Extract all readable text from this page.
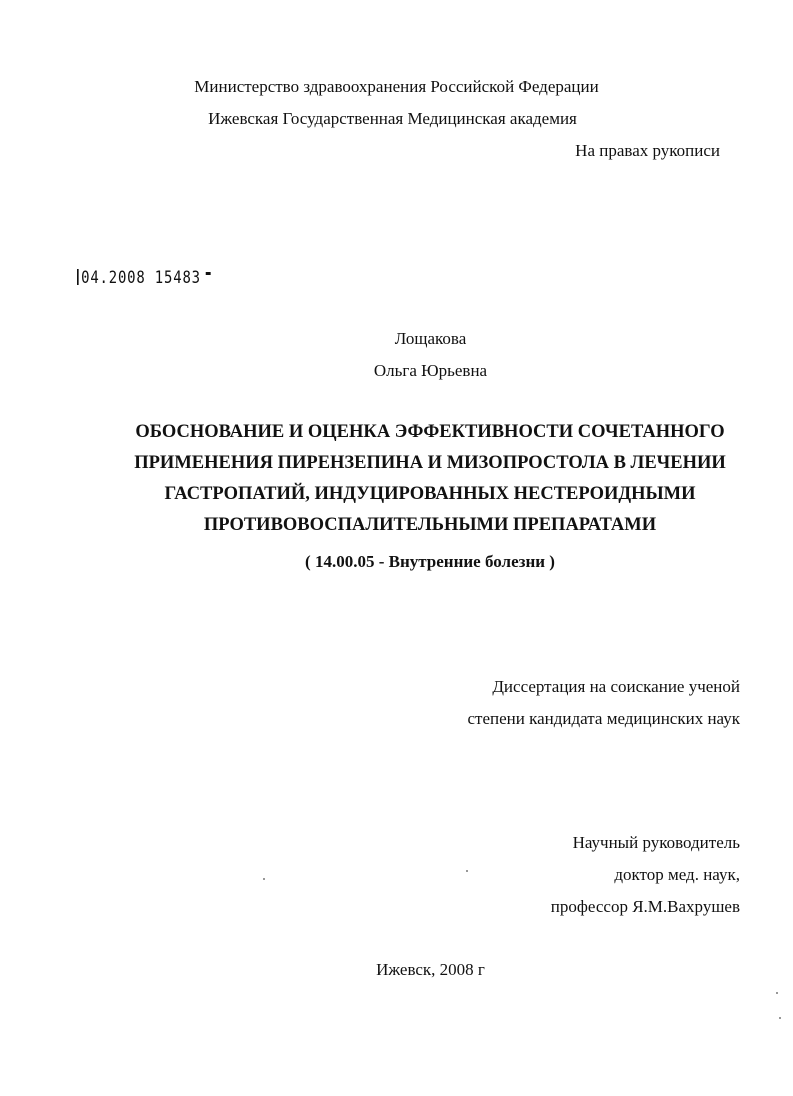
Министерство здравоохранения Российской Федерации
Ижевская Государственная Медицинская академия
На правах рукописи
04.2008 15483
Лощакова
Ольга Юрьевна
ОБОСНОВАНИЕ И ОЦЕНКА ЭФФЕКТИВНОСТИ СОЧЕТАННОГО
ПРИМЕНЕНИЯ ПИРЕНЗЕПИНА И МИЗОПРОСТОЛА В ЛЕЧЕНИИ
ГАСТРОПАТИЙ, ИНДУЦИРОВАННЫХ НЕСТЕРОИДНЫМИ
ПРОТИВОВОСПАЛИТЕЛЬНЫМИ ПРЕПАРАТАМИ
( 14.00.05 - Внутренние болезни )
Диссертация на соискание ученой
степени кандидата медицинских наук
Научный руководитель
доктор мед. наук,
профессор Я.М.Вахрушев
Ижевск, 2008 г
